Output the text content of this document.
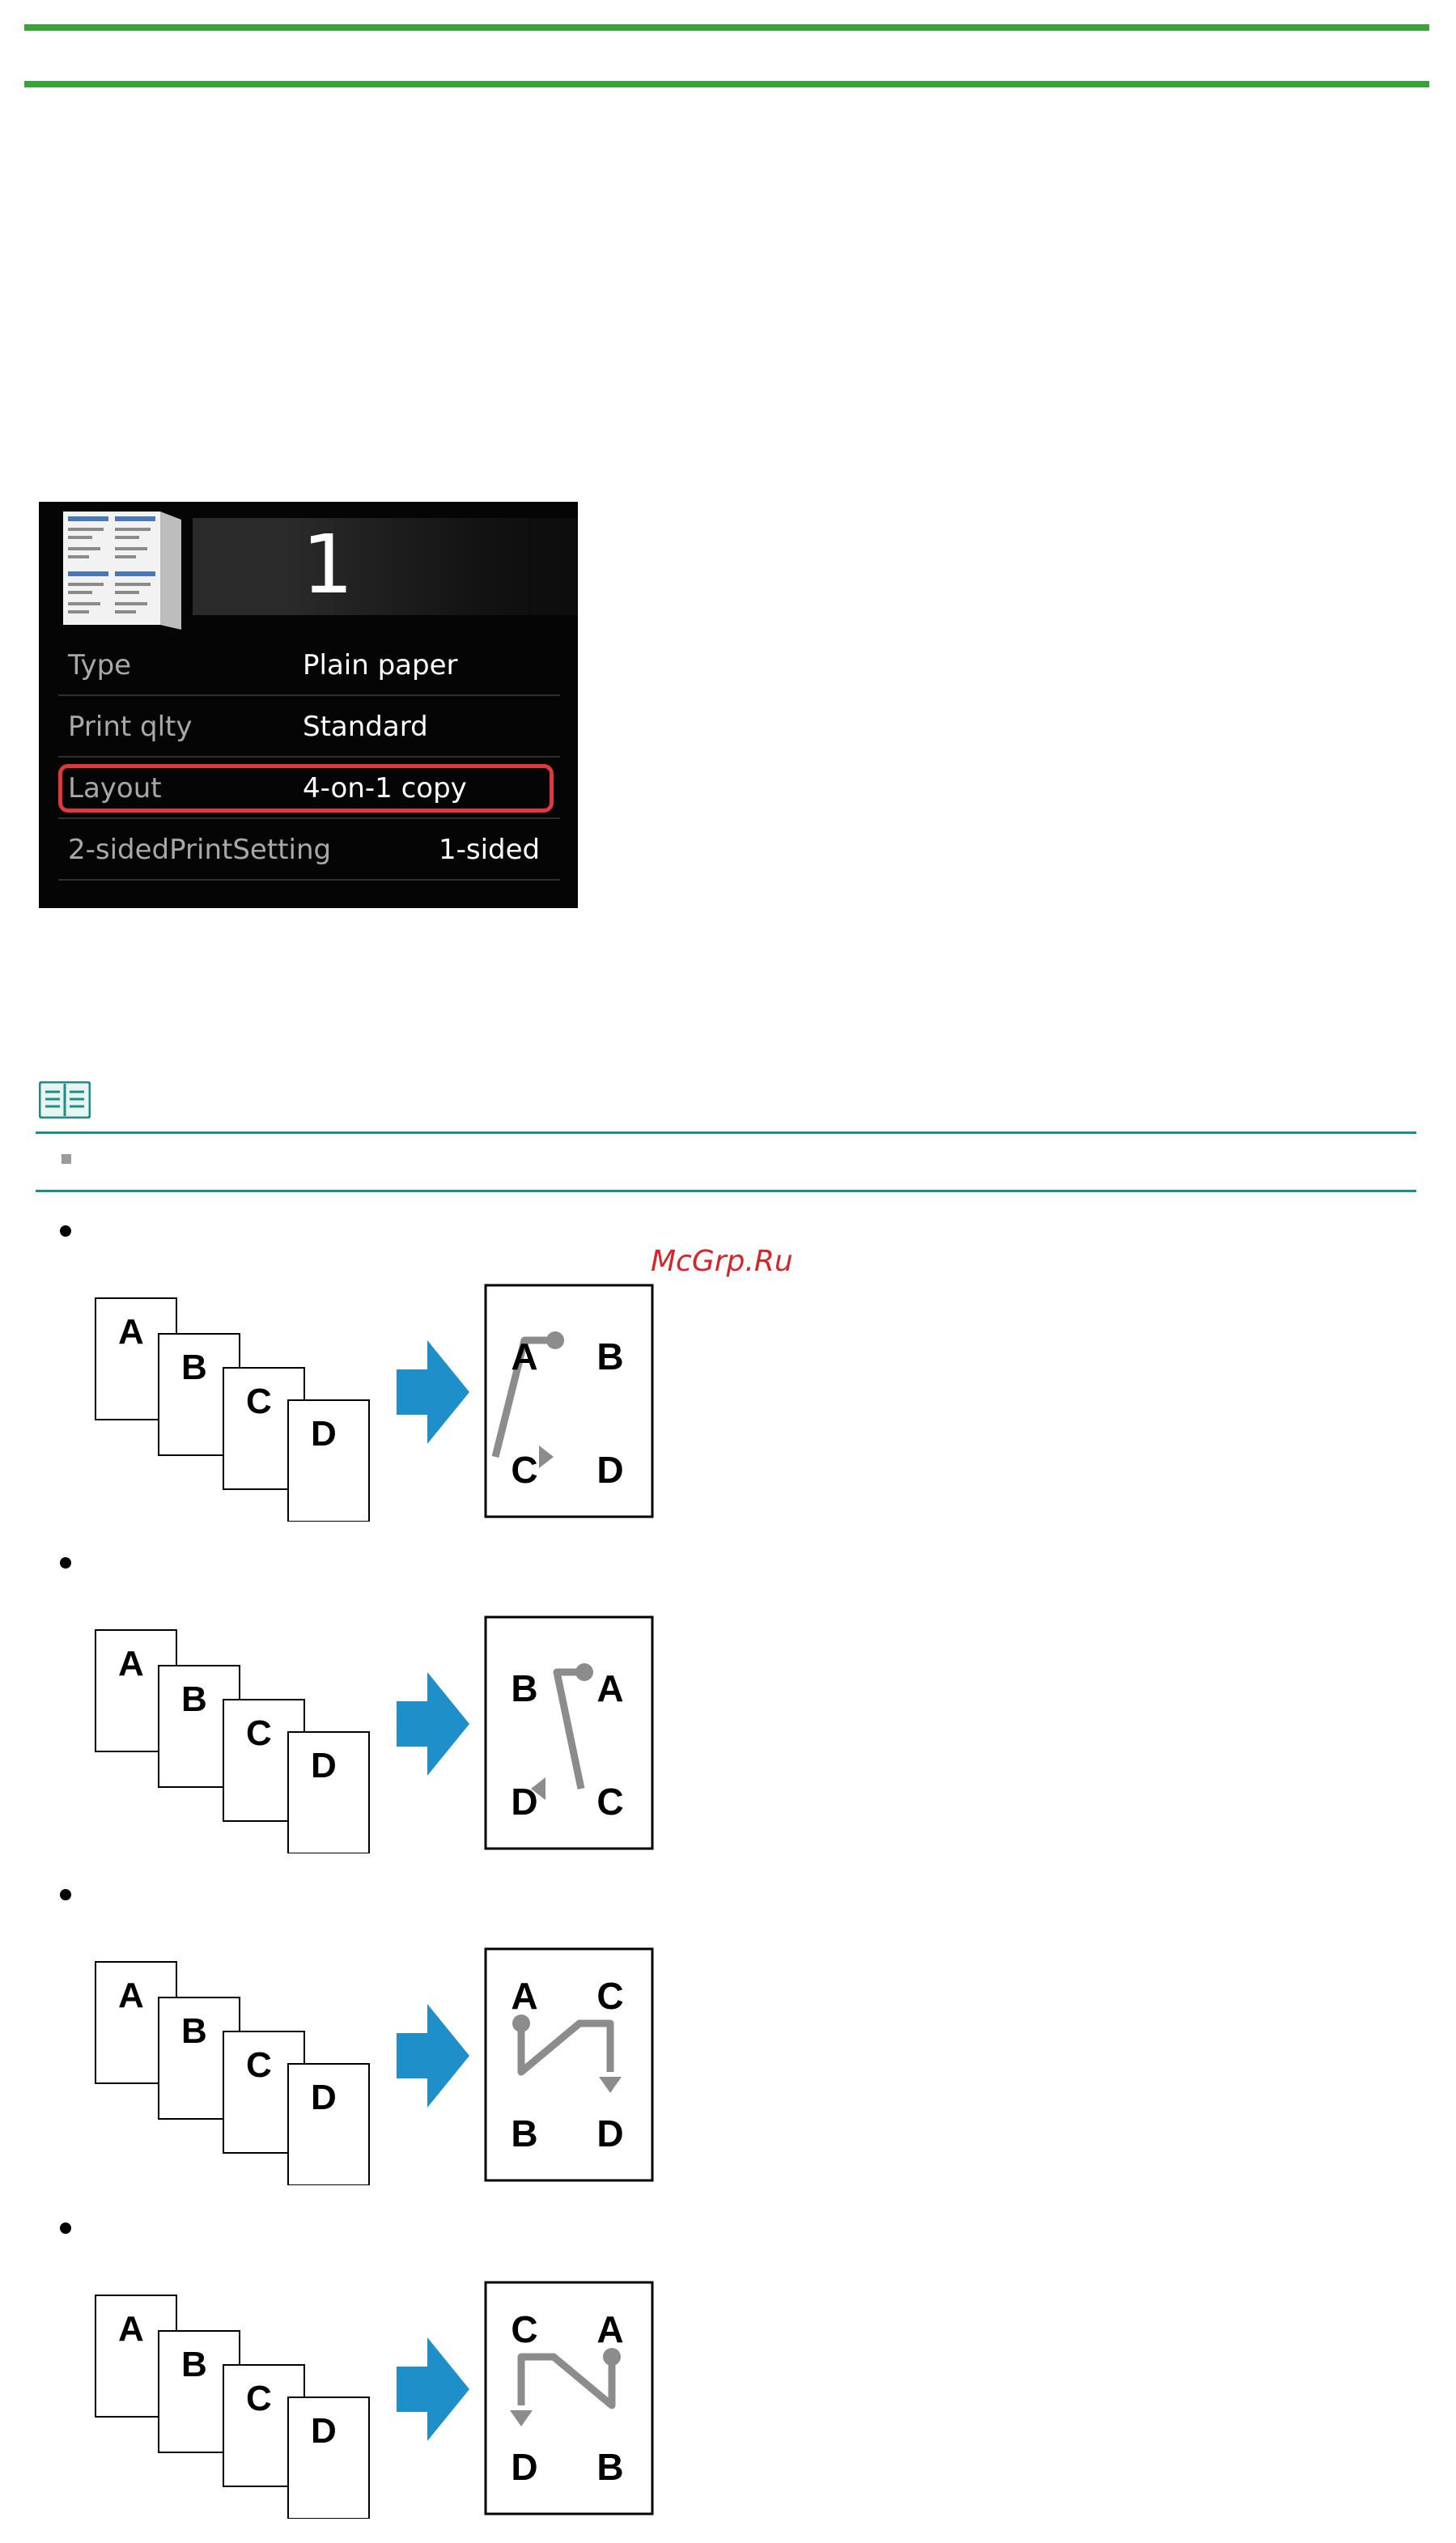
1
Type	Plain paper
Print qlty	Standard
Layout	4-on-1 copy
2-sidedPrintSetting	1-sided
A
B
C
D
A B
C D
A
B
C
D
B A
D C
A
B
C
D
A C
B D
A
B
C
D
C A
D B
McGrp.Ru
